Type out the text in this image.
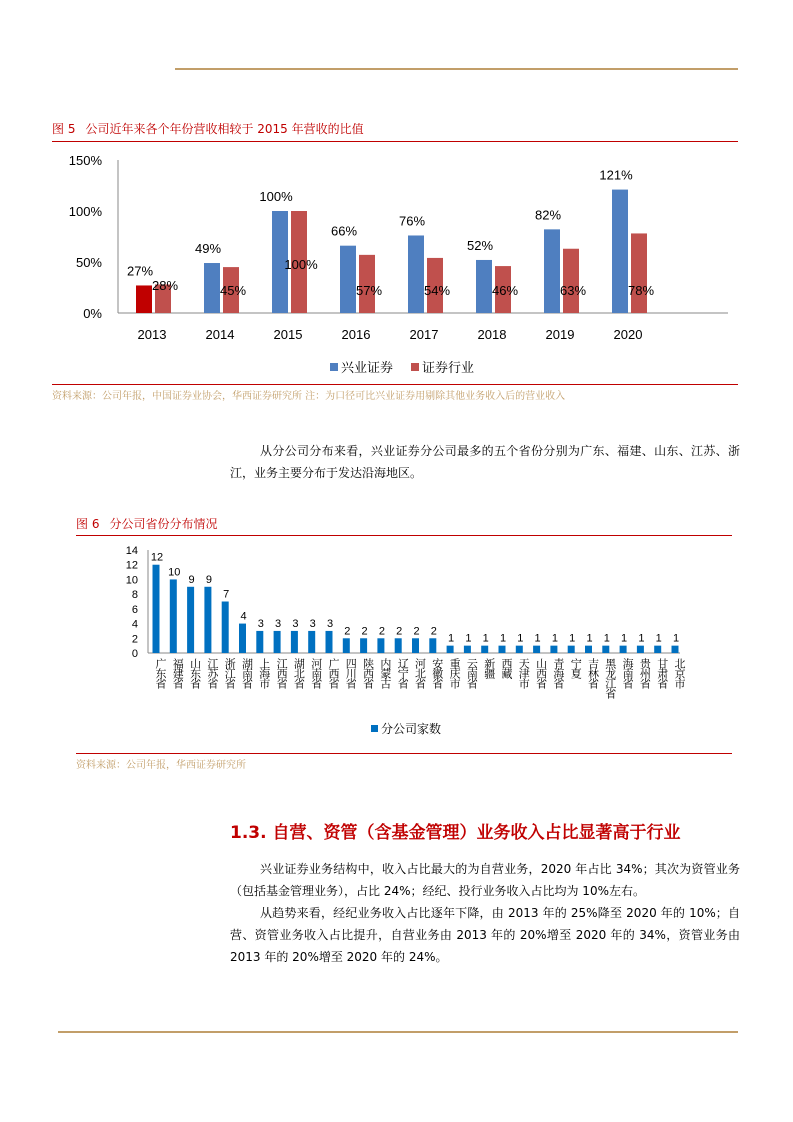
图 5 公司近年来各个年份营收相较于 2015 年营收的比值
0%
50%
100%
150%
27%
28%
2013
49%
45%
2014
100%
100%
2015
66%
57%
2016
76%
54%
2017
52%
46%
2018
82%
63%
2019
121%
78%
2020
兴业证券 证券行业
资料来源：公司年报，中国证券业协会，华西证券研究所 注：为口径可比兴业证券用剔除其他业务收入后的营业收入

从分公司分布来看，兴业证券分公司最多的五个省份分别为广东、福建、山东、江苏、浙江，业务主要分布于发达沿海地区。

图 6 分公司省份分布情况
0
2
4
6
8
10
12
14
12
广东省
10
福建省
9
山东省
9
江苏省
7
浙江省
4
湖南省
3
上海市
3
江西省
3
湖北省
3
河南省
3
广西省
2
四川省
2
陕西省
2
内蒙古
2
辽宁省
2
河北省
2
安徽省
1
重庆市
1
云南省
1
新疆
1
西藏
1
天津市
1
山西省
1
青海省
1
宁夏
1
吉林省
1
黑龙江省
1
海南省
1
贵州省
1
甘肃省
1
北京市
分公司家数
资料来源：公司年报，华西证券研究所
1.3. 自营、资管（含基金管理）业务收入占比显著高于行业

兴业证券业务结构中，收入占比最大的为自营业务，2020 年占比 34%；其次为资管业务（包括基金管理业务），占比 24%；经纪、投行业务收入占比均为 10%左右。

从趋势来看，经纪业务收入占比逐年下降，由 2013 年的 25%降至 2020 年的 10%；自营、资管业务收入占比提升，自营业务由 2013 年的 20%增至 2020 年的 34%，资管业务由 2013 年的 20%增至 2020 年的 24%。
